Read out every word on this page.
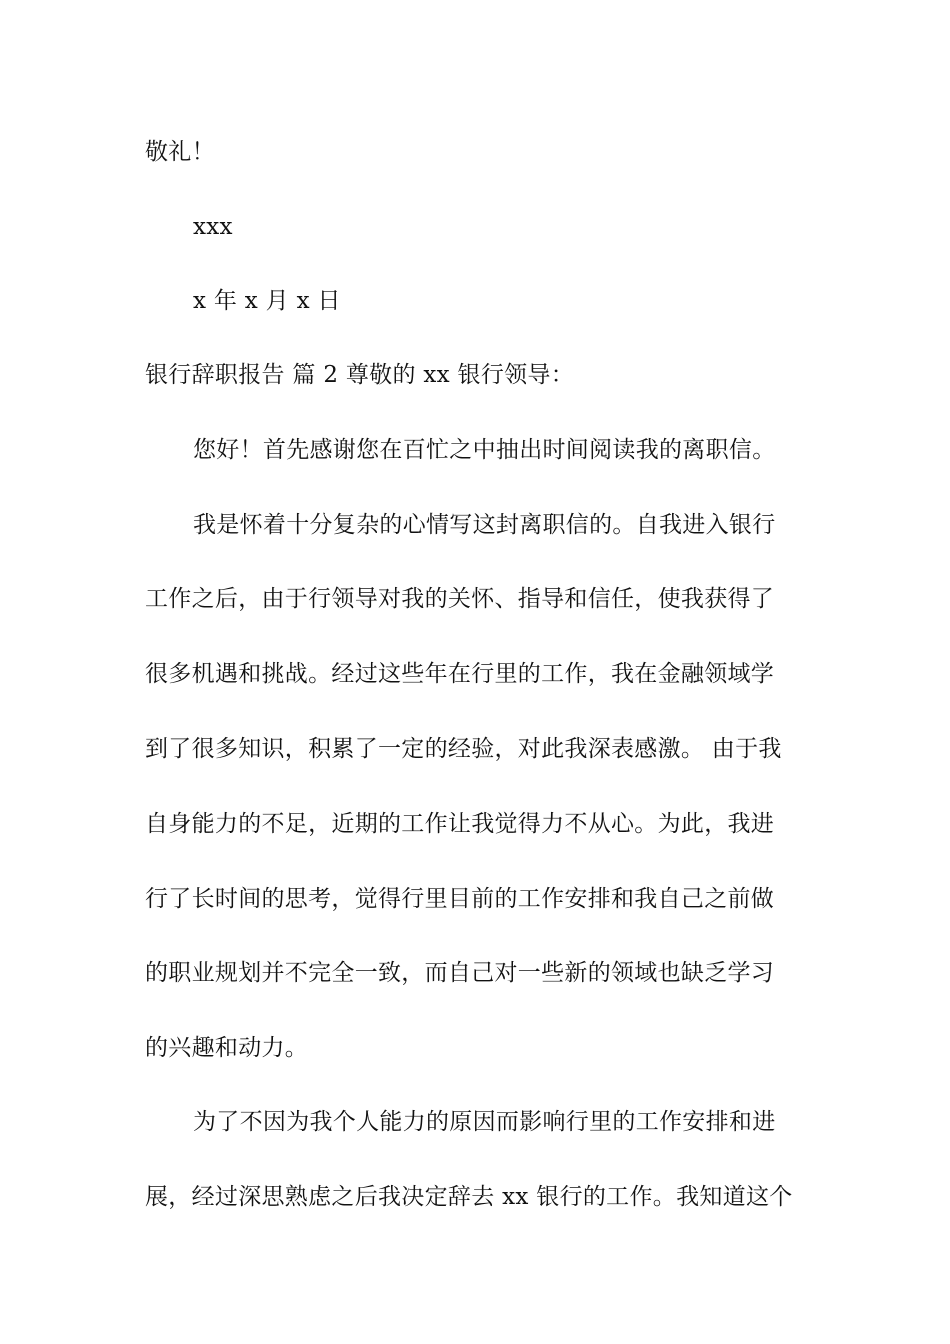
敬礼！
xxx
x 年 x 月 x 日
银行辞职报告 篇 2 尊敬的 xx 银行领导：
您好！首先感谢您在百忙之中抽出时间阅读我的离职信。
我是怀着十分复杂的心情写这封离职信的。自我进入银行
工作之后，由于行领导对我的关怀、指导和信任，使我获得了
很多机遇和挑战。经过这些年在行里的工作，我在金融领域学
到了很多知识，积累了一定的经验，对此我深表感激。 由于我
自身能力的不足，近期的工作让我觉得力不从心。为此，我进
行了长时间的思考，觉得行里目前的工作安排和我自己之前做
的职业规划并不完全一致，而自己对一些新的领域也缺乏学习
的兴趣和动力。
为了不因为我个人能力的原因而影响行里的工作安排和进
展，经过深思熟虑之后我决定辞去 xx 银行的工作。我知道这个
